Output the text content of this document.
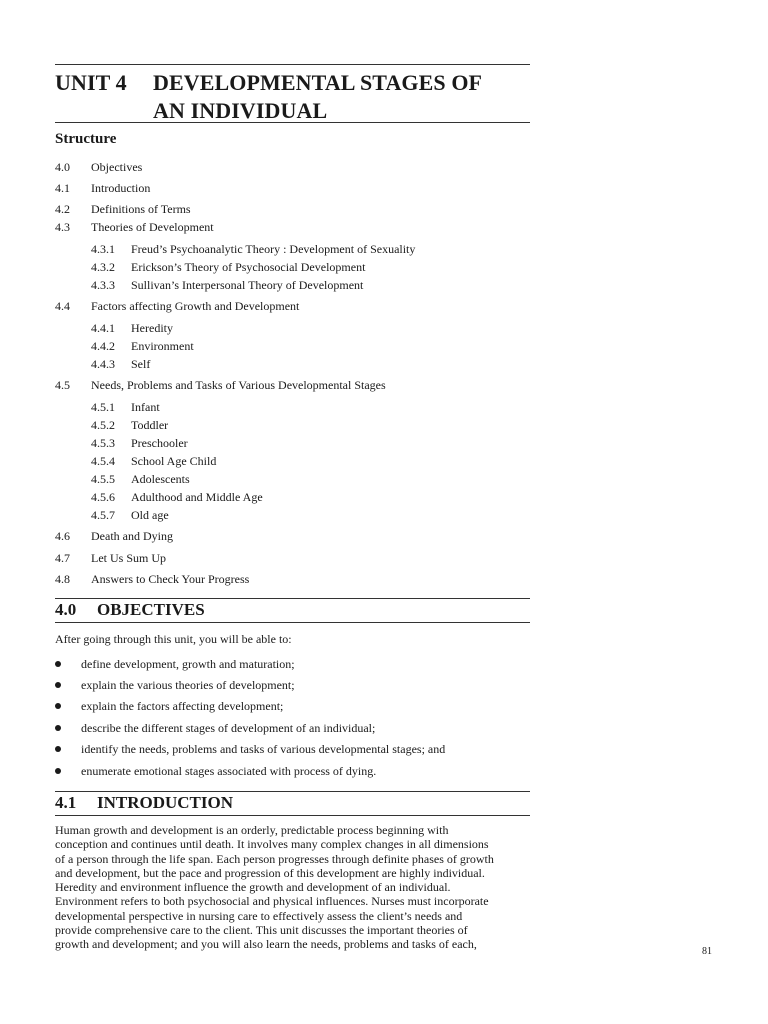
UNIT 4 DEVELOPMENTAL STAGES OF
AN INDIVIDUAL
Structure
4.0 Objectives
4.1 Introduction
4.2 Definitions of Terms
4.3 Theories of Development
4.3.1 Freud’s Psychoanalytic Theory : Development of Sexuality
4.3.2 Erickson’s Theory of Psychosocial Development
4.3.3 Sullivan’s Interpersonal Theory of Development
4.4 Factors affecting Growth and Development
4.4.1 Heredity
4.4.2 Environment
4.4.3 Self
4.5 Needs, Problems and Tasks of Various Developmental Stages
4.5.1 Infant
4.5.2 Toddler
4.5.3 Preschooler
4.5.4 School Age Child
4.5.5 Adolescents
4.5.6 Adulthood and Middle Age
4.5.7 Old age
4.6 Death and Dying
4.7 Let Us Sum Up
4.8 Answers to Check Your Progress
4.0 OBJECTIVES
After going through this unit, you will be able to:
define development, growth and maturation;
explain the various theories of development;
explain the factors affecting development;
describe the different stages of development of an individual;
identify the needs, problems and tasks of various developmental stages; and
enumerate emotional stages associated with process of dying.
4.1 INTRODUCTION
Human growth and development is an orderly, predictable process beginning with
conception and continues until death. It involves many complex changes in all dimensions
of a person through the life span. Each person progresses through definite phases of growth
and development, but the pace and progression of this development are highly individual.
Heredity and environment influence the growth and development of an individual.
Environment refers to both psychosocial and physical influences. Nurses must incorporate
developmental perspective in nursing care to effectively assess the client’s needs and
provide comprehensive care to the client. This unit discusses the important theories of
growth and development; and you will also learn the needs, problems and tasks of each,
81
